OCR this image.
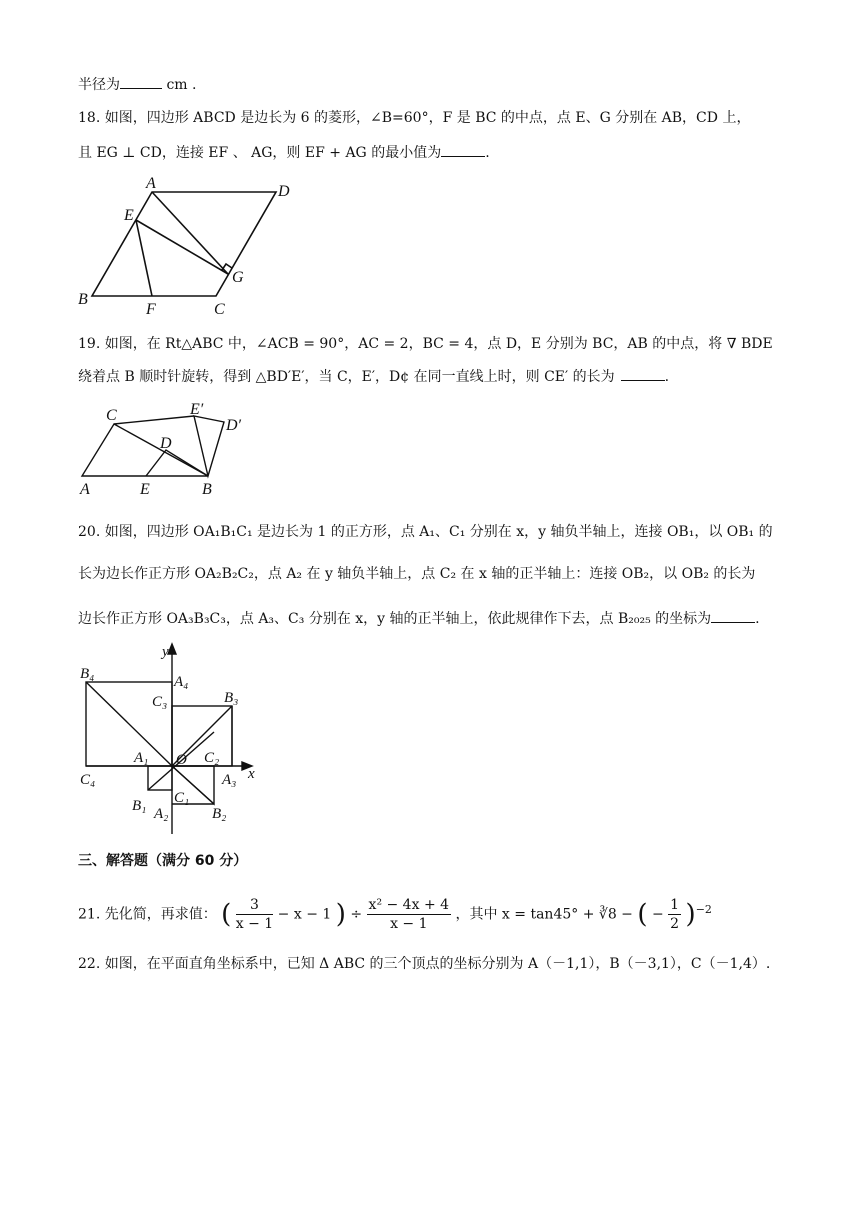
半径为	cm .
18. 如图，四边形 ABCD 是边长为 6 的菱形，∠B=60°，F 是 BC 的中点，点 E、G 分别在 AB，CD 上，
且 EG ⊥ CD，连接 EF 、 AG，则 EF + AG 的最小值为	.
A	D
E
G
B
F	C
19. 如图，在 Rt△ABC 中，∠ACB = 90°，AC = 2，BC = 4，点 D，E 分别为 BC，AB 的中点，将 ∇ BDE
绕着点 B 顺时针旋转，得到 △BD′E′，当 C，E′，D¢ 在同一直线上时，则 CE′ 的长为	.
C	E′
D′
D
A	E	B
20. 如图，四边形 OA₁B₁C₁ 是边长为 1 的正方形，点 A₁、C₁ 分别在 x，y 轴负半轴上，连接 OB₁，以 OB₁ 的
长为边长作正方形 OA₂B₂C₂，点 A₂ 在 y 轴负半轴上，点 C₂ 在 x 轴的正半轴上：连接 OB₂，以 OB₂ 的长为
边长作正方形 OA₃B₃C₃，点 A₃、C₃ 分别在 x，y 轴的正半轴上，依此规律作下去，点 B₂₀₂₅ 的坐标为	.
y
x
O
B₄	A₄
C₃	B₃
A₁	C₂
C₄	A₃
B₁ C₁
A₂	B₂
三、解答题（满分 60 分）
21. 先化简，再求值： ( $\frac{3}{x - 1} - x - 1$ ) ÷ $\frac{\text{x² − 4x + 4}}{x - 1}$ ，其中 x = tan45° + ∛8 − ( − $\frac{1}{2} )^{-2}$
22. 如图，在平面直角坐标系中，已知 Δ ABC 的三个顶点的坐标分别为 A（－1,1），B（－3,1），C（－1,4）.
